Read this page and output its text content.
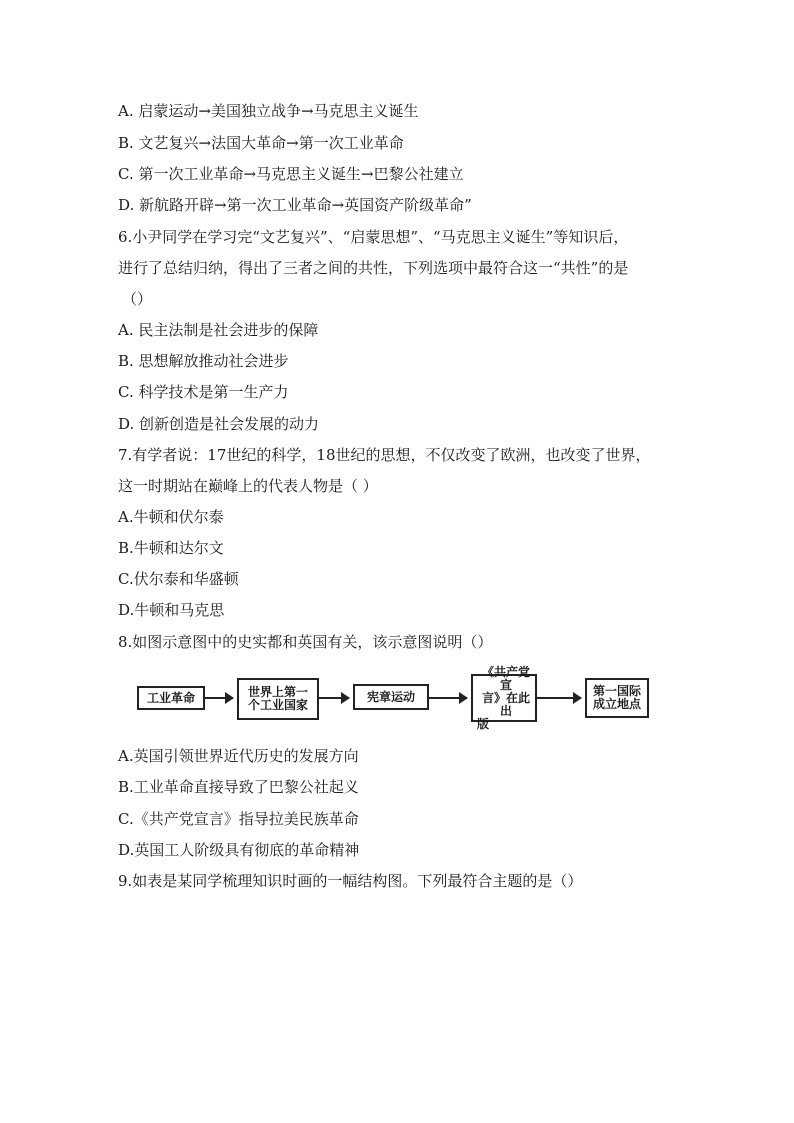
A. 启蒙运动→美国独立战争→马克思主义诞生
B. 文艺复兴→法国大革命→第一次工业革命
C. 第一次工业革命→马克思主义诞生→巴黎公社建立
D. 新航路开辟→第一次工业革命→英国资产阶级革命”
6.小尹同学在学习完“文艺复兴”、“启蒙思想”、“马克思主义诞生”等知识后，
进行了总结归纳，得出了三者之间的共性，下列选项中最符合这一“共性”的是
（）
A. 民主法制是社会进步的保障
B. 思想解放推动社会进步
C. 科学技术是第一生产力
D. 创新创造是社会发展的动力
7.有学者说：17世纪的科学，18世纪的思想，不仅改变了欧洲，也改变了世界，
这一时期站在巅峰上的代表人物是（ ）
A.牛顿和伏尔泰
B.牛顿和达尔文
C.伏尔泰和华盛顿
D.牛顿和马克思
8.如图示意图中的史实都和英国有关，该示意图说明（）
工业革命	世界上第一
个工业国家
宪章运动
《共产党宣
言》在此出
版
第一国际
成立地点
A.英国引领世界近代历史的发展方向
B.工业革命直接导致了巴黎公社起义
C.《共产党宣言》指导拉美民族革命
D.英国工人阶级具有彻底的革命精神
9.如表是某同学梳理知识时画的一幅结构图。下列最符合主题的是（）
